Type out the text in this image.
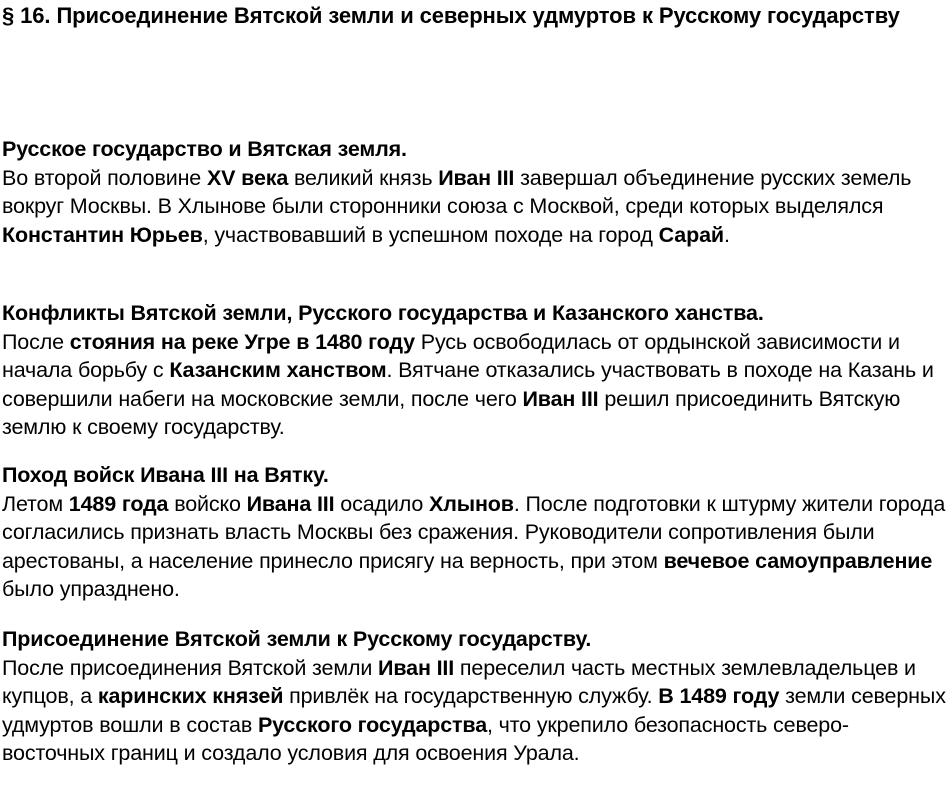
§ 16. Присоединение Вятской земли и северных удмуртов к Русскому государству
Русское государство и Вятская земля.

Во второй половине XV века великий князь Иван III завершал объединение русских земель вокруг Москвы. В Хлынове были сторонники союза с Москвой, среди которых выделялся Константин Юрьев, участвовавший в успешном походе на город Сарай.

Конфликты Вятской земли, Русского государства и Казанского ханства.

После стояния на реке Угре в 1480 году Русь освободилась от ордынской зависимости и начала борьбу с Казанским ханством. Вятчане отказались участвовать в походе на Казань и совершили набеги на московские земли, после чего Иван III решил присоединить Вятскую землю к своему государству.

Поход войск Ивана III на Вятку.

Летом 1489 года войско Ивана III осадило Хлынов. После подготовки к штурму жители города согласились признать власть Москвы без сражения. Руководители сопротивления были арестованы, а население принесло присягу на верность, при этом вечевое самоуправление было упразднено.

Присоединение Вятской земли к Русскому государству.

После присоединения Вятской земли Иван III переселил часть местных землевладельцев и купцов, а каринских князей привлёк на государственную службу. В 1489 году земли северных удмуртов вошли в состав Русского государства, что укрепило безопасность северо-восточных границ и создало условия для освоения Урала.
